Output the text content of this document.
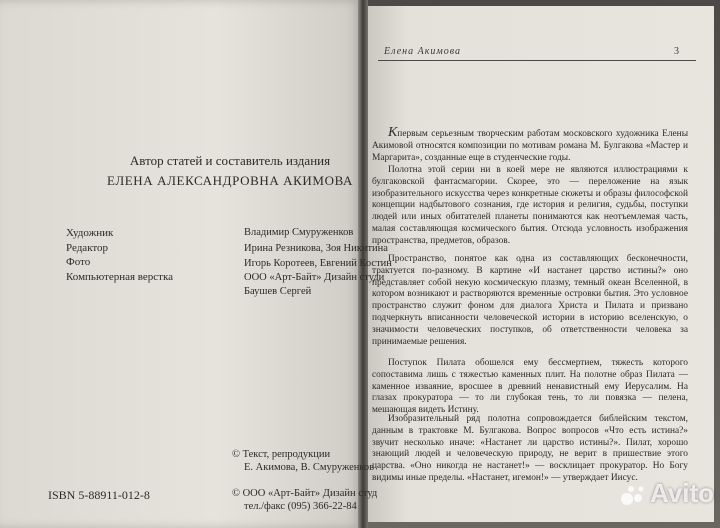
Автор статей и составитель издания
ЕЛЕНА АЛЕКСАНДРОВНА АКИМОВА
Художник	Владимир Смуруженков
Редактор	Ирина Резникова, Зоя Никитина
Фото	Игорь Коротеев, Евгений Костин
Компьютерная верстка	ООО «Арт-Байт» Дизайн студи
Баушев Сергей
© Текст, репродукции
Е. Акимова, В. Смуруженков
ISBN 5-88911-012-8	© ООО «Арт-Байт» Дизайн студ
тел./факс (095) 366-22-84
Елена Акимова	3

Кпервым серьезным творческим работам московского художника Елены Акимовой относятся композиции по мотивам романа М. Булгакова «Мастер и Маргарита», созданные еще в студенческие годы.

Полотна этой серии ни в коей мере не являются иллюстрациями к булгаковской фантасмагории. Скорее, это — переложение на язык изобразительного искусства через конкретные сюжеты и образы философской концепции надбытового сознания, где история и религия, судьбы, поступки людей или иных обитателей планеты понимаются как неотъемлемая часть, малая составляющая космического бытия. Отсюда условность изображения пространства, предметов, образов.

Пространство, понятое как одна из составляющих бесконечности, трактуется по-разному. В картине «И настанет царство истины?» оно представляет собой некую космическую плазму, темный океан Вселенной, в котором возникают и растворяются временные островки бытия. Это условное пространство служит фоном для диалога Христа и Пилата и призвано подчеркнуть вписанности человеческой истории в историю вселенскую, о значимости человеческих поступков, об ответственности человека за принимаемые решения.

Поступок Пилата обошелся ему бессмертием, тяжесть которого сопоставима лишь с тяжестью каменных плит. На полотне образ Пилата — каменное изваяние, вросшее в древний ненавистный ему Иерусалим. На глазах прокуратора — то ли глубокая тень, то ли повязка — пелена, мешающая видеть Истину.

Изобразительный ряд полотна сопровождается библейским текстом, данным в трактовке М. Булгакова. Вопрос вопросов «Что есть истина?» звучит несколько иначе: «Настанет ли царство истины?». Пилат, хорошо знающий людей и человеческую природу, не верит в пришествие этого царства. «Оно никогда не настанет!» — восклицает прокуратор. Но Богу видимы иные пределы. «Настанет, игемон!» — утверждает Иисус.

Avito
